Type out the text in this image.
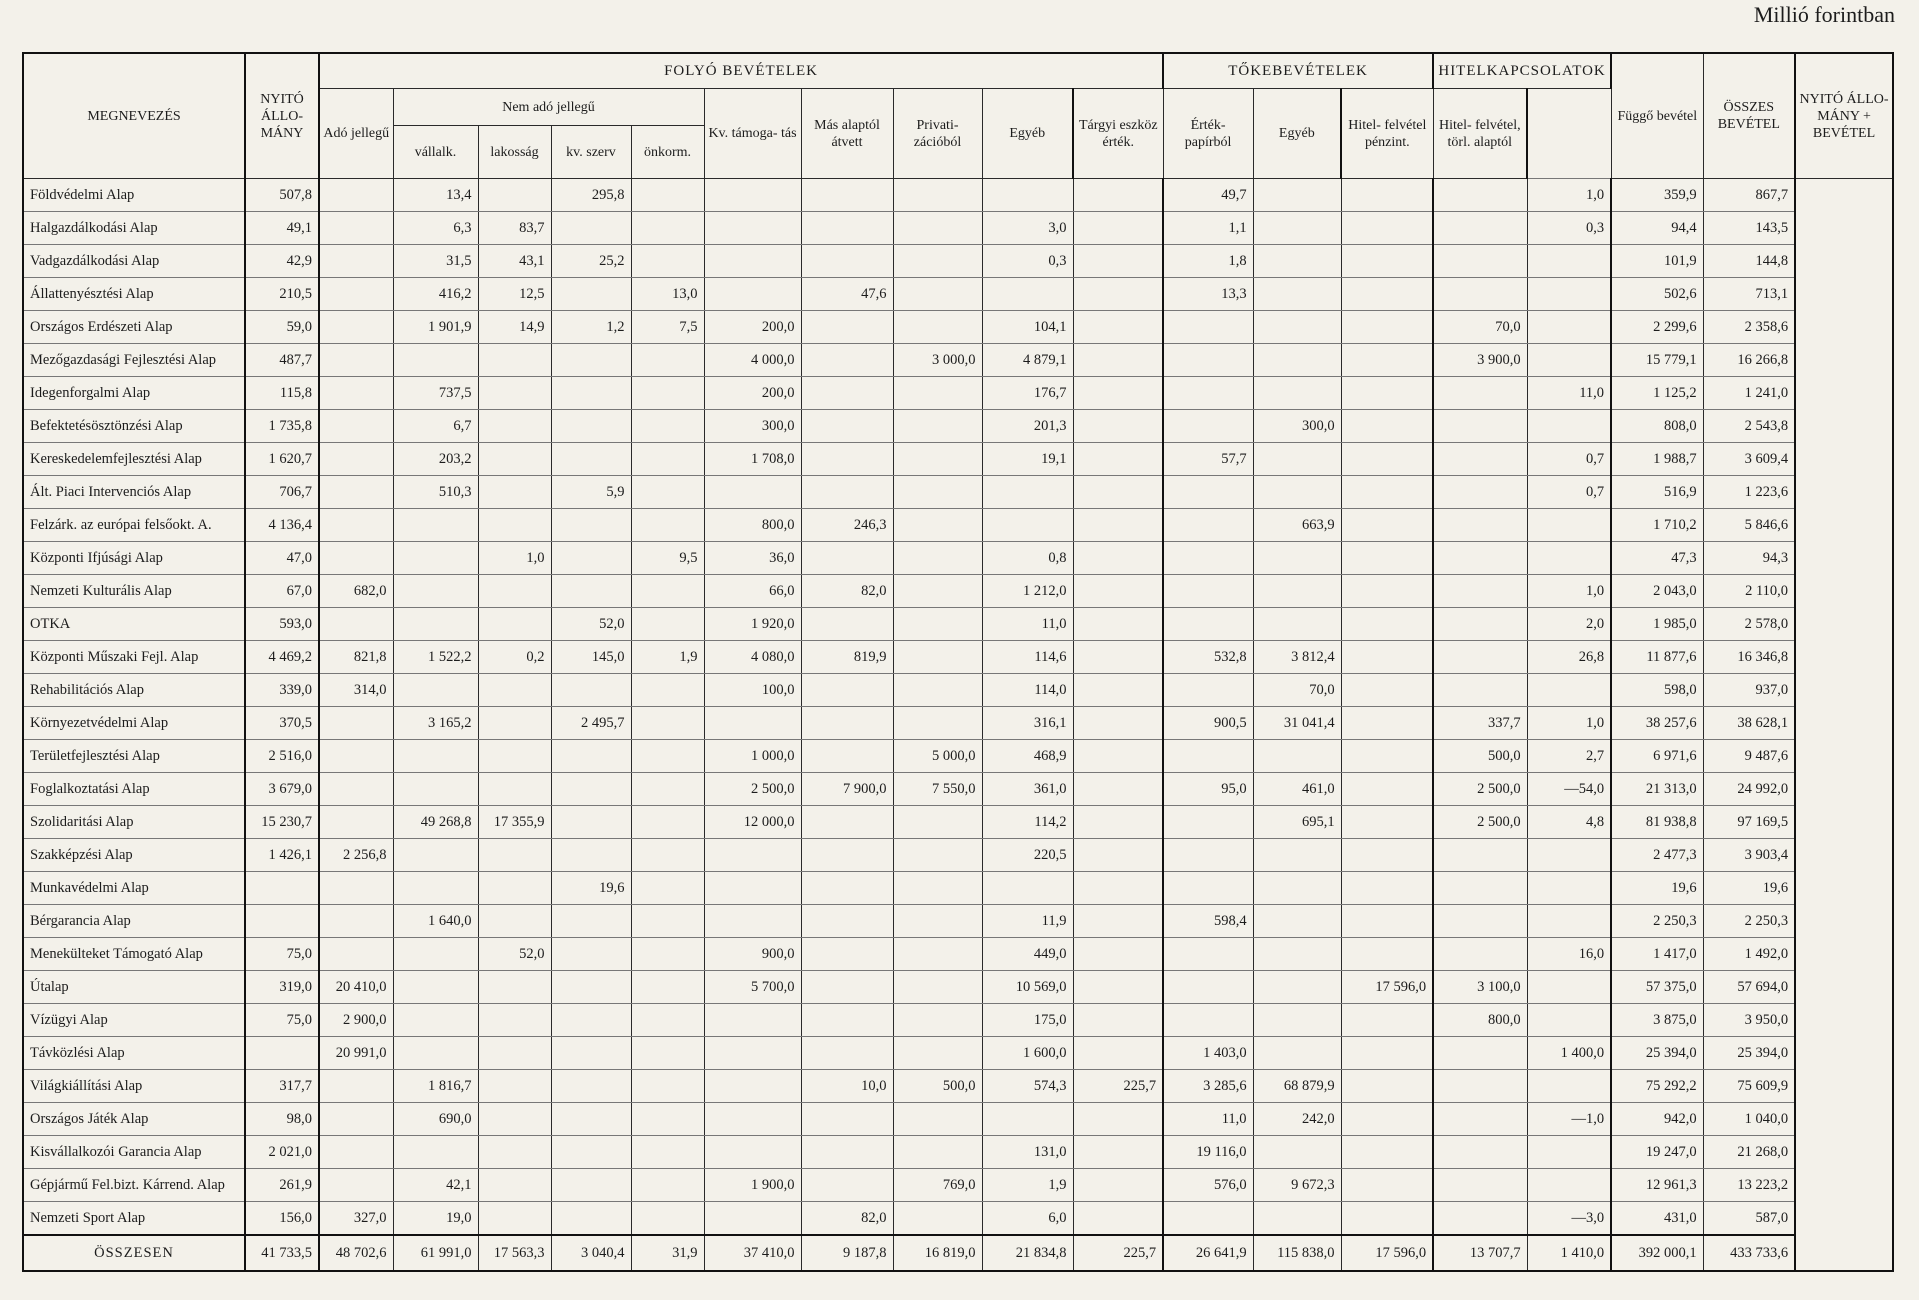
Millió forintban
MEGNEVEZÉS	NYITÓ ÁLLO- MÁNY	FOLYÓ BEVÉTELEK										TŐKEBEVÉTELEK			HITELKAPCSOLATOK		Függő bevétel	ÖSSZES BEVÉTEL	NYITÓ ÁLLO- MÁNY + BEVÉTEL
		Adó jellegű	Nem adó jellegű				Kv. támoga- tás	Más alaptól átvett	Privati- zációból	Egyéb	Tárgyi eszköz érték.	Érték- papírból	Egyéb	Hitel- felvétel pénzint.	Hitel- felvétel, törl. alaptól				
			vállalk.	lakosság	kv. szerv	önkorm.													
Földvédelmi Alap	507,8		13,4		295,8							49,7				1,0	359,9	867,7	
Halgazdálkodási Alap	49,1		6,3	83,7						3,0		1,1				0,3	94,4	143,5	
Vadgazdálkodási Alap	42,9		31,5	43,1	25,2					0,3		1,8					101,9	144,8	
Állattenyésztési Alap	210,5		416,2	12,5		13,0		47,6				13,3					502,6	713,1	
Országos Erdészeti Alap	59,0		1 901,9	14,9	1,2	7,5	200,0			104,1					70,0		2 299,6	2 358,6	
Mezőgazdasági Fejlesztési Alap	487,7						4 000,0		3 000,0	4 879,1					3 900,0		15 779,1	16 266,8	
Idegenforgalmi Alap	115,8		737,5				200,0			176,7						11,0	1 125,2	1 241,0	
Befektetésösztönzési Alap	1 735,8		6,7				300,0			201,3			300,0				808,0	2 543,8	
Kereskedelemfejlesztési Alap	1 620,7		203,2				1 708,0			19,1		57,7				0,7	1 988,7	3 609,4	
Ált. Piaci Intervenciós Alap	706,7		510,3		5,9											0,7	516,9	1 223,6	
Felzárk. az európai felsőokt. A.	4 136,4						800,0	246,3					663,9				1 710,2	5 846,6	
Központi Ifjúsági Alap	47,0			1,0		9,5	36,0			0,8							47,3	94,3	
Nemzeti Kulturális Alap	67,0	682,0					66,0	82,0		1 212,0						1,0	2 043,0	2 110,0	
OTKA	593,0				52,0		1 920,0			11,0						2,0	1 985,0	2 578,0	
Központi Műszaki Fejl. Alap	4 469,2	821,8	1 522,2	0,2	145,0	1,9	4 080,0	819,9		114,6		532,8	3 812,4			26,8	11 877,6	16 346,8	
Rehabilitációs Alap	339,0	314,0					100,0			114,0			70,0				598,0	937,0	
Környezetvédelmi Alap	370,5		3 165,2		2 495,7					316,1		900,5	31 041,4		337,7	1,0	38 257,6	38 628,1	
Területfejlesztési Alap	2 516,0						1 000,0		5 000,0	468,9					500,0	2,7	6 971,6	9 487,6	
Foglalkoztatási Alap	3 679,0						2 500,0	7 900,0	7 550,0	361,0		95,0	461,0		2 500,0	—54,0	21 313,0	24 992,0	
Szolidaritási Alap	15 230,7		49 268,8	17 355,9			12 000,0			114,2			695,1		2 500,0	4,8	81 938,8	97 169,5	
Szakképzési Alap	1 426,1	2 256,8								220,5							2 477,3	3 903,4	
Munkavédelmi Alap					19,6												19,6	19,6	
Bérgarancia Alap			1 640,0							11,9		598,4					2 250,3	2 250,3	
Menekülteket Támogató Alap	75,0			52,0			900,0			449,0						16,0	1 417,0	1 492,0	
Útalap	319,0	20 410,0					5 700,0			10 569,0				17 596,0	3 100,0		57 375,0	57 694,0	
Vízügyi Alap	75,0	2 900,0								175,0					800,0		3 875,0	3 950,0	
Távközlési Alap		20 991,0								1 600,0		1 403,0				1 400,0	25 394,0	25 394,0	
Világkiállítási Alap	317,7		1 816,7					10,0	500,0	574,3	225,7	3 285,6	68 879,9				75 292,2	75 609,9	
Országos Játék Alap	98,0		690,0									11,0	242,0			—1,0	942,0	1 040,0	
Kisvállalkozói Garancia Alap	2 021,0									131,0		19 116,0					19 247,0	21 268,0	
Gépjármű Fel.bizt. Kárrend. Alap	261,9		42,1				1 900,0		769,0	1,9		576,0	9 672,3				12 961,3	13 223,2	
Nemzeti Sport Alap	156,0	327,0	19,0					82,0		6,0						—3,0	431,0	587,0	
ÖSSZESEN	41 733,5	48 702,6	61 991,0	17 563,3	3 040,4	31,9	37 410,0	9 187,8	16 819,0	21 834,8	225,7	26 641,9	115 838,0	17 596,0	13 707,7	1 410,0	392 000,1	433 733,6	
